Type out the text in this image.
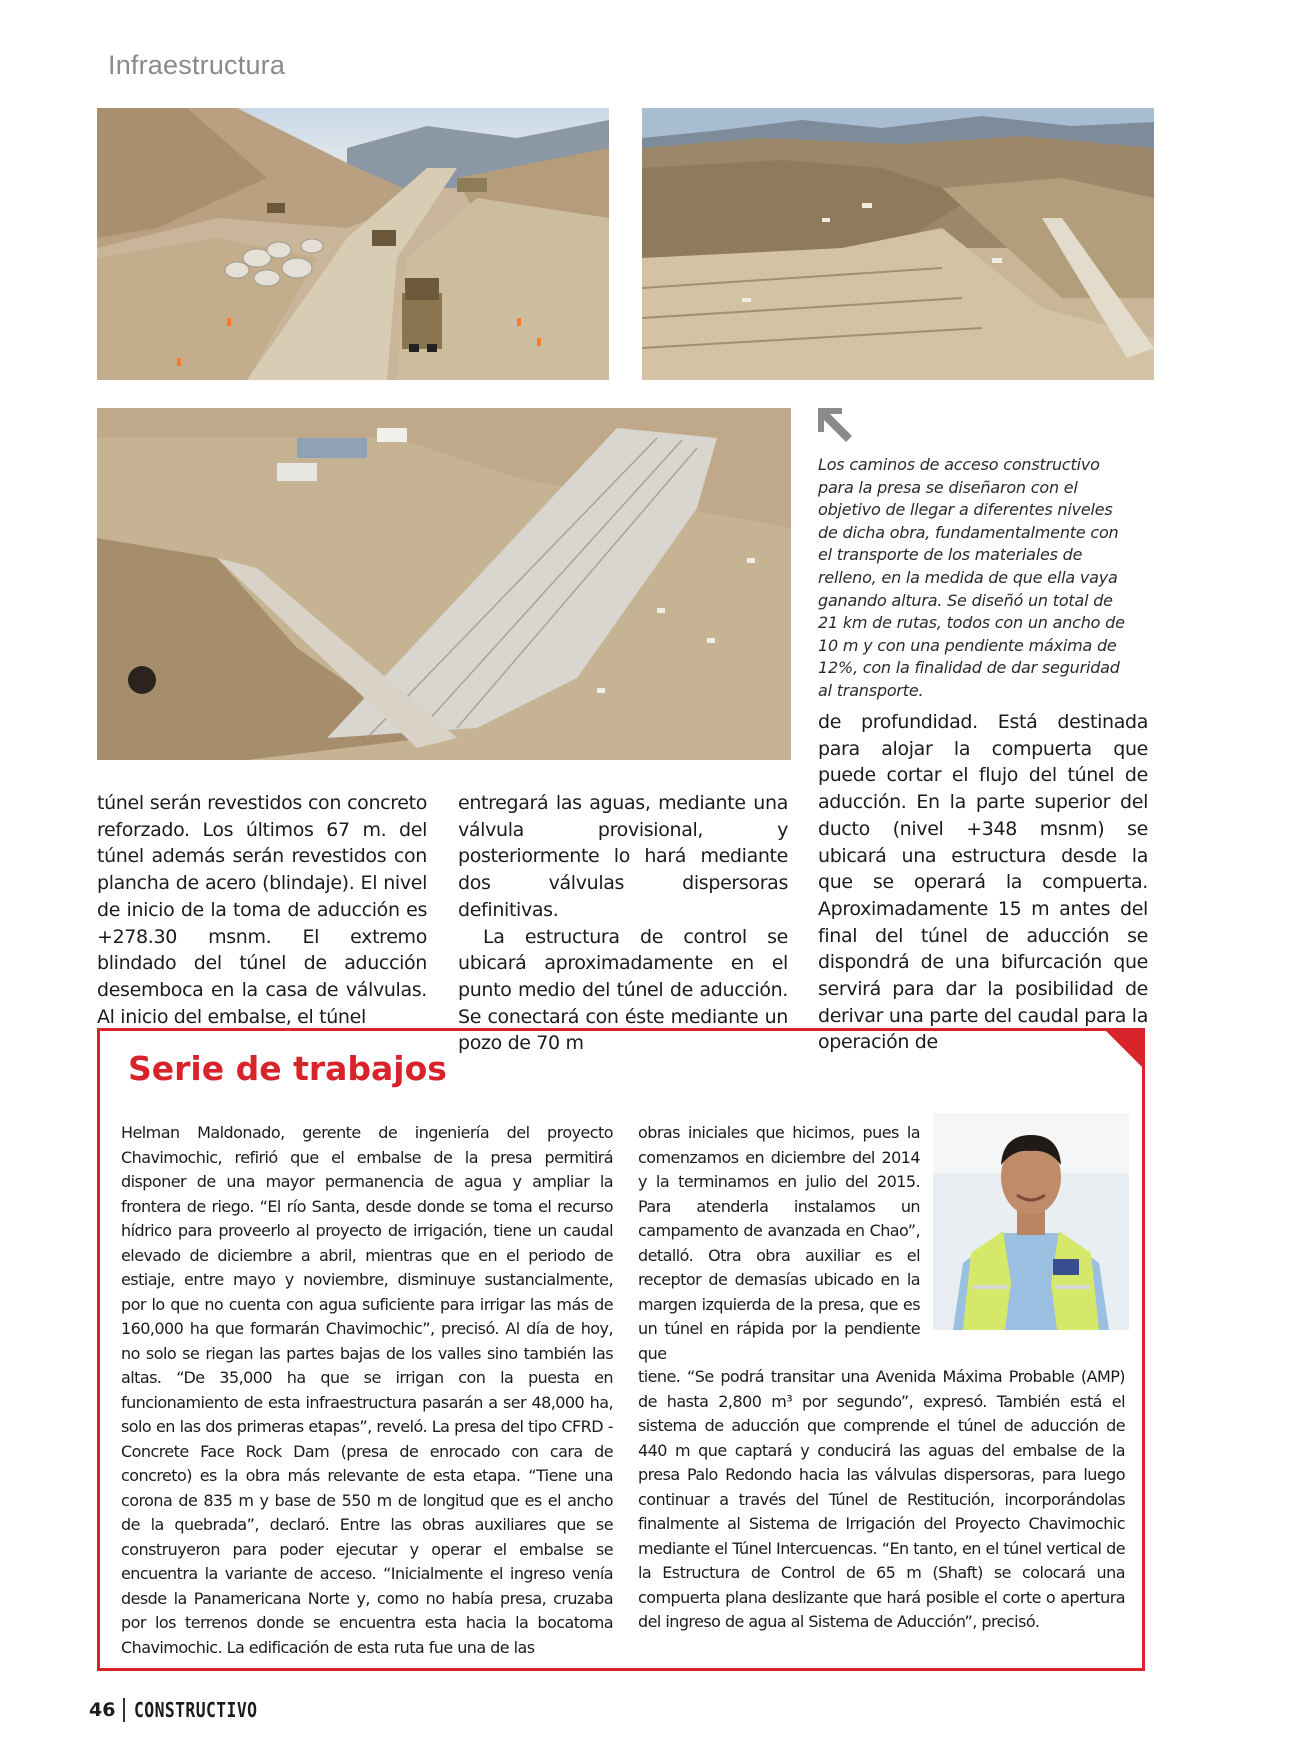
Infraestructura
Los caminos de acceso constructivo para la presa se diseñaron con el objetivo de llegar a diferentes niveles de dicha obra, fundamentalmente con el transporte de los materiales de relleno, en la medida de que ella vaya ganando altura. Se diseñó un total de 21 km de rutas, todos con un ancho de 10 m y con una pendiente máxima de 12%, con la finalidad de dar seguridad al transporte.

de profundidad. Está destinada para alojar la compuerta que puede cortar el flujo del túnel de aducción. En la parte superior del ducto (nivel +348 msnm) se ubicará una estructura desde la que se operará la compuerta. Aproximadamente 15 m antes del final del túnel de aducción se dispondrá de una bifurcación que servirá para dar la posibilidad de derivar una parte del caudal para la operación de

túnel serán revestidos con concreto reforzado. Los últimos 67 m. del túnel además serán revestidos con plancha de acero (blindaje). El nivel de inicio de la toma de aducción es +278.30 msnm. El extremo blindado del túnel de aducción desemboca en la casa de válvulas. Al inicio del embalse, el túnel

entregará las aguas, mediante una válvula provisional, y posteriormente lo hará mediante dos válvulas dispersoras definitivas.

La estructura de control se ubicará aproximadamente en el punto medio del túnel de aducción. Se conectará con éste mediante un pozo de 70 m

Serie de trabajos
Helman Maldonado, gerente de ingeniería del proyecto Chavimochic, refirió que el embalse de la presa permitirá disponer de una mayor permanencia de agua y ampliar la frontera de riego. “El río Santa, desde donde se toma el recurso hídrico para proveerlo al proyecto de irrigación, tiene un caudal elevado de diciembre a abril, mientras que en el periodo de estiaje, entre mayo y noviembre, disminuye sustancialmente, por lo que no cuenta con agua suficiente para irrigar las más de 160,000 ha que formarán Chavimochic”, precisó. Al día de hoy, no solo se riegan las partes bajas de los valles sino también las altas. “De 35,000 ha que se irrigan con la puesta en funcionamiento de esta infraestructura pasarán a ser 48,000 ha, solo en las dos primeras etapas”, reveló. La presa del tipo CFRD - Concrete Face Rock Dam (presa de enrocado con cara de concreto) es la obra más relevante de esta etapa. “Tiene una corona de 835 m y base de 550 m de longitud que es el ancho de la quebrada”, declaró. Entre las obras auxiliares que se construyeron para poder ejecutar y operar el embalse se encuentra la variante de acceso. “Inicialmente el ingreso venía desde la Panamericana Norte y, como no había presa, cruzaba por los terrenos donde se encuentra esta hacia la bocatoma Chavimochic. La edificación de esta ruta fue una de las
obras iniciales que hicimos, pues la comenzamos en diciembre del 2014 y la terminamos en julio del 2015. Para atenderla instalamos un campamento de avanzada en Chao”, detalló. Otra obra auxiliar es el receptor de demasías ubicado en la margen izquierda de la presa, que es un túnel en rápida por la pendiente que
tiene. “Se podrá transitar una Avenida Máxima Probable (AMP) de hasta 2,800 m³ por segundo”, expresó. También está el sistema de aducción que comprende el túnel de aducción de 440 m que captará y conducirá las aguas del embalse de la presa Palo Redondo hacia las válvulas dispersoras, para luego continuar a través del Túnel de Restitución, incorporándolas finalmente al Sistema de Irrigación del Proyecto Chavimochic mediante el Túnel Intercuencas. “En tanto, en el túnel vertical de la Estructura de Control de 65 m (Shaft) se colocará una compuerta plana deslizante que hará posible el corte o apertura del ingreso de agua al Sistema de Aducción”, precisó.
46 CONSTRUCTIVO
